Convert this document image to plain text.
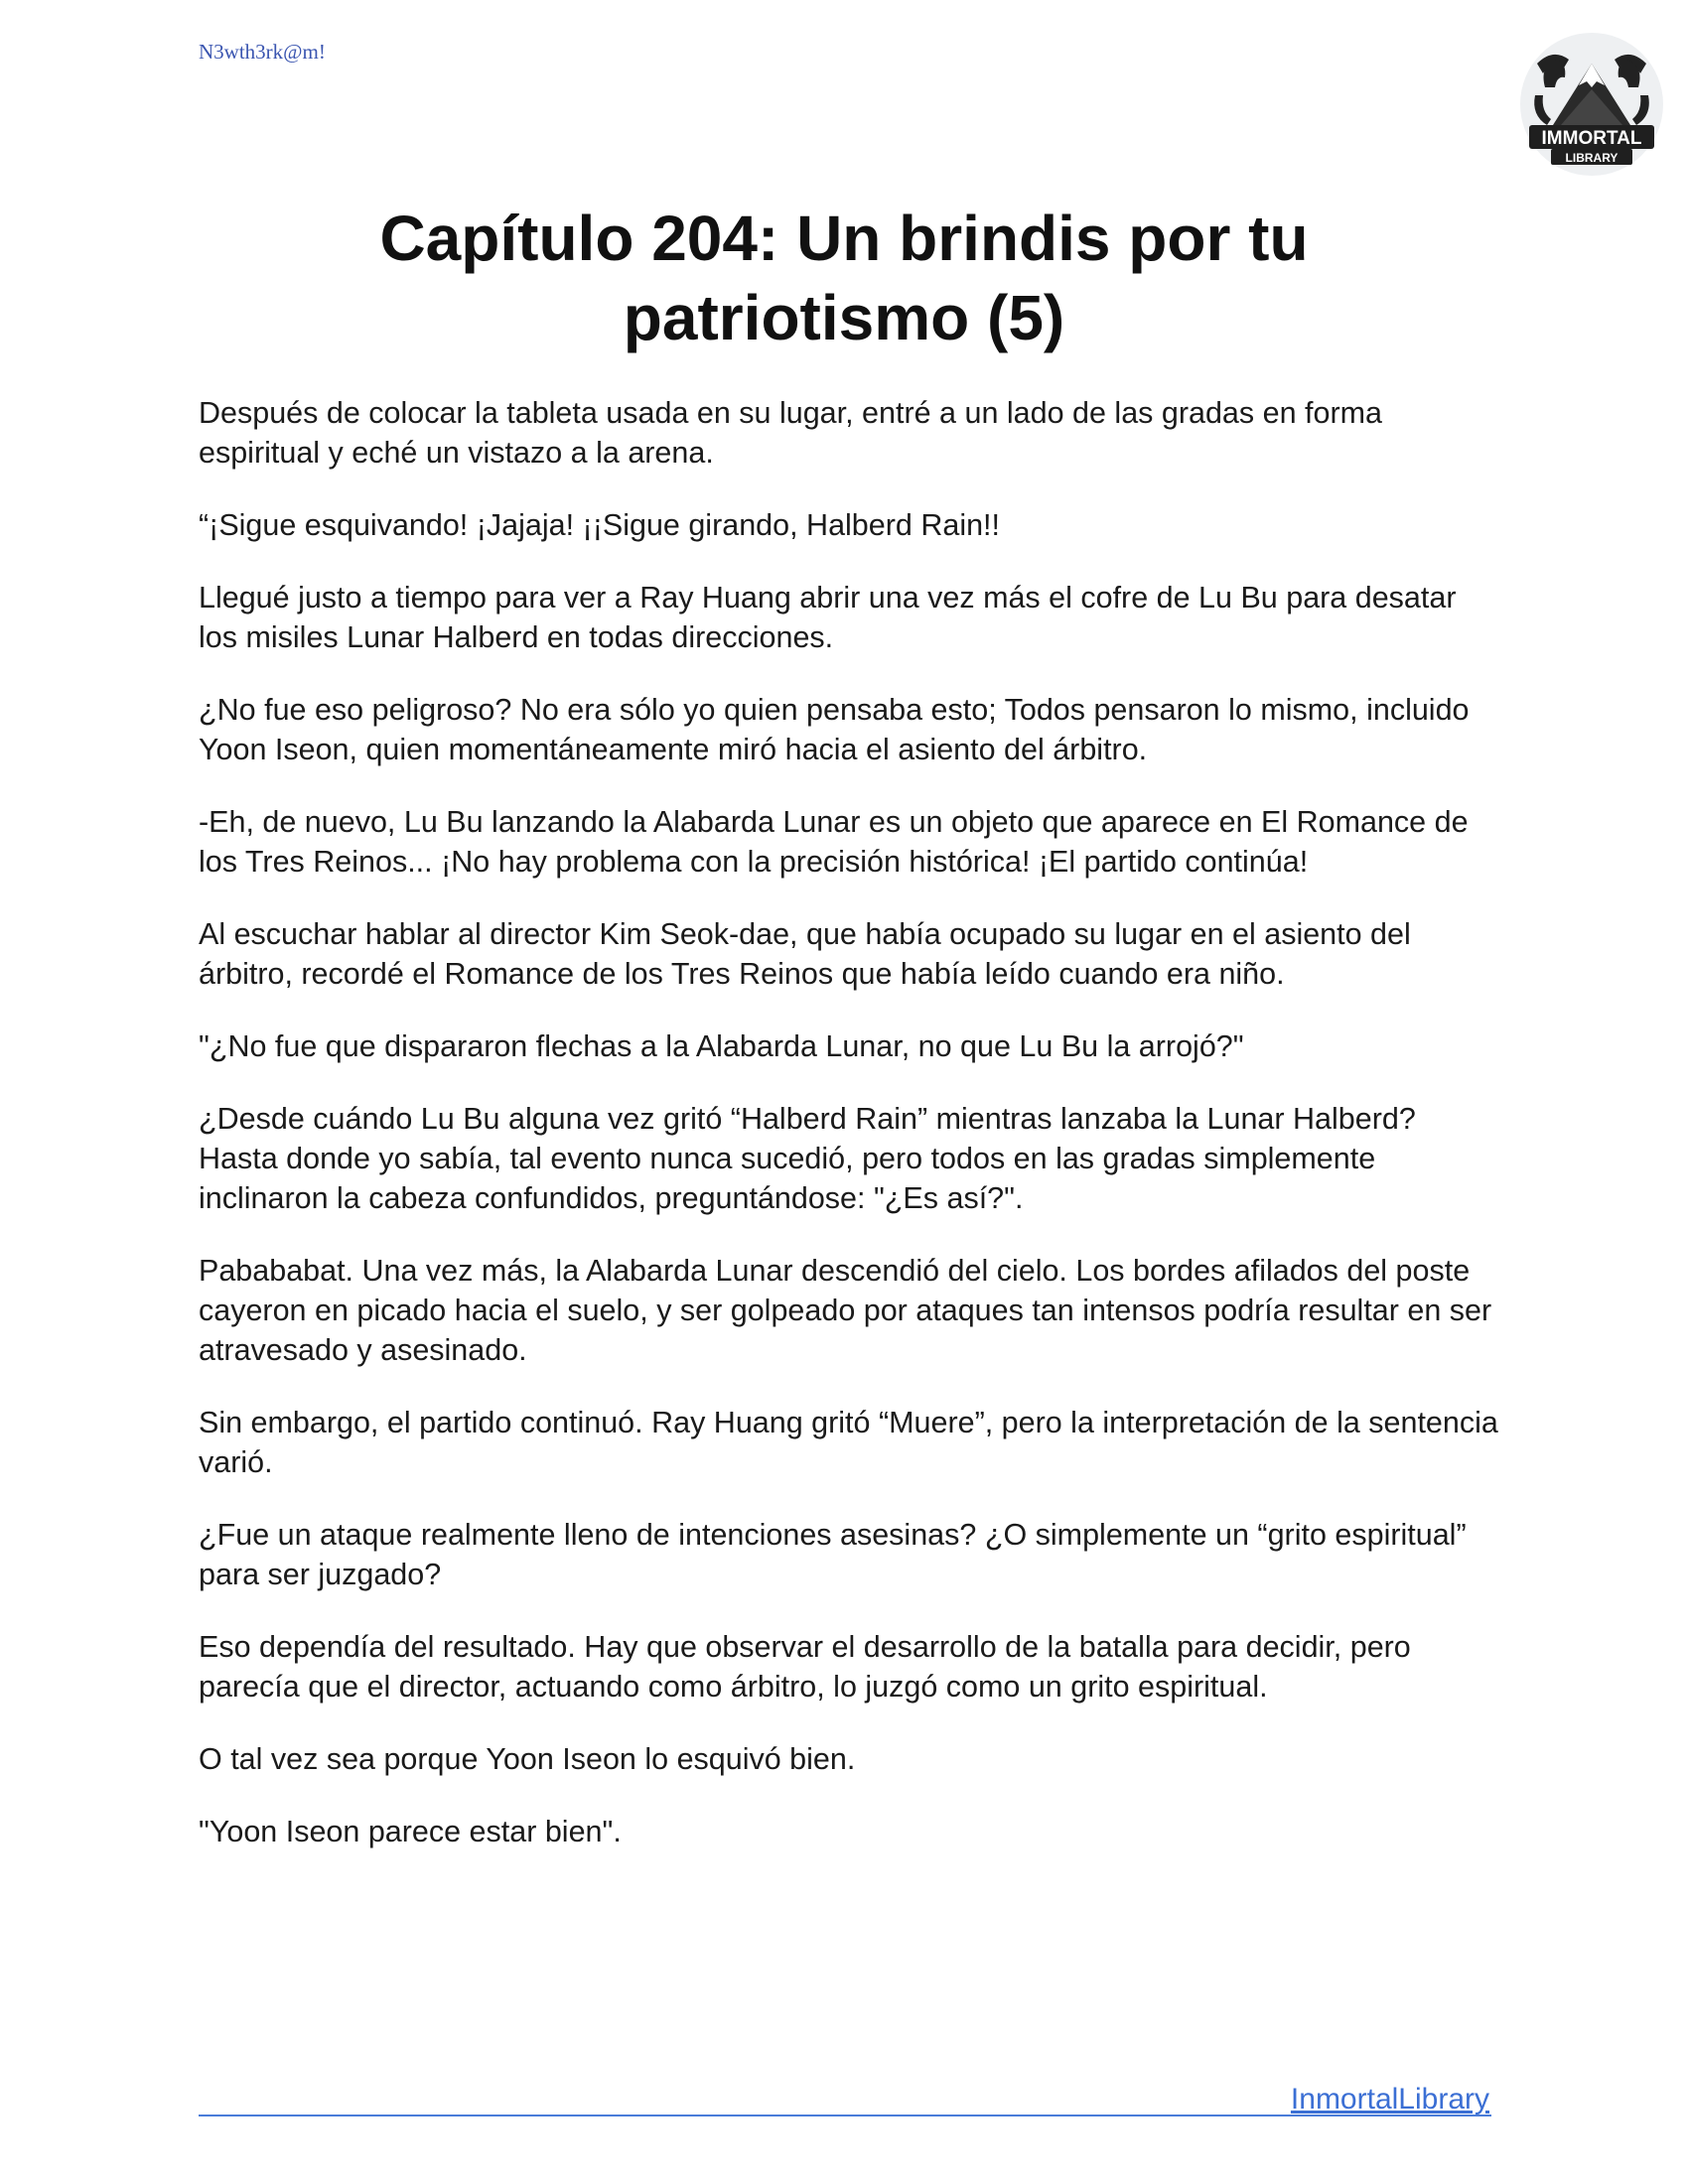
N3wth3rk@m!
IMMORTAL
LIBRARY
Capítulo 204: Un brindis por tu patriotismo (5)

Después de colocar la tableta usada en su lugar, entré a un lado de las gradas en forma espiritual y eché un vistazo a la arena.

“¡Sigue esquivando! ¡Jajaja! ¡¡Sigue girando, Halberd Rain!!

Llegué justo a tiempo para ver a Ray Huang abrir una vez más el cofre de Lu Bu para desatar los misiles Lunar Halberd en todas direcciones.

¿No fue eso peligroso? No era sólo yo quien pensaba esto; Todos pensaron lo mismo, incluido Yoon Iseon, quien momentáneamente miró hacia el asiento del árbitro.

-Eh, de nuevo, Lu Bu lanzando la Alabarda Lunar es un objeto que aparece en El Romance de los Tres Reinos... ¡No hay problema con la precisión histórica! ¡El partido continúa!

Al escuchar hablar al director Kim Seok-dae, que había ocupado su lugar en el asiento del árbitro, recordé el Romance de los Tres Reinos que había leído cuando era niño.

"¿No fue que dispararon flechas a la Alabarda Lunar, no que Lu Bu la arrojó?"

¿Desde cuándo Lu Bu alguna vez gritó “Halberd Rain” mientras lanzaba la Lunar Halberd? Hasta donde yo sabía, tal evento nunca sucedió, pero todos en las gradas simplemente inclinaron la cabeza confundidos, preguntándose: "¿Es así?".

Pabababat. Una vez más, la Alabarda Lunar descendió del cielo. Los bordes afilados del poste cayeron en picado hacia el suelo, y ser golpeado por ataques tan intensos podría resultar en ser atravesado y asesinado.

Sin embargo, el partido continuó. Ray Huang gritó “Muere”, pero la interpretación de la sentencia varió.

¿Fue un ataque realmente lleno de intenciones asesinas? ¿O simplemente un “grito espiritual” para ser juzgado?

Eso dependía del resultado. Hay que observar el desarrollo de la batalla para decidir, pero parecía que el director, actuando como árbitro, lo juzgó como un grito espiritual.

O tal vez sea porque Yoon Iseon lo esquivó bien.

"Yoon Iseon parece estar bien".

InmortalLibrary
